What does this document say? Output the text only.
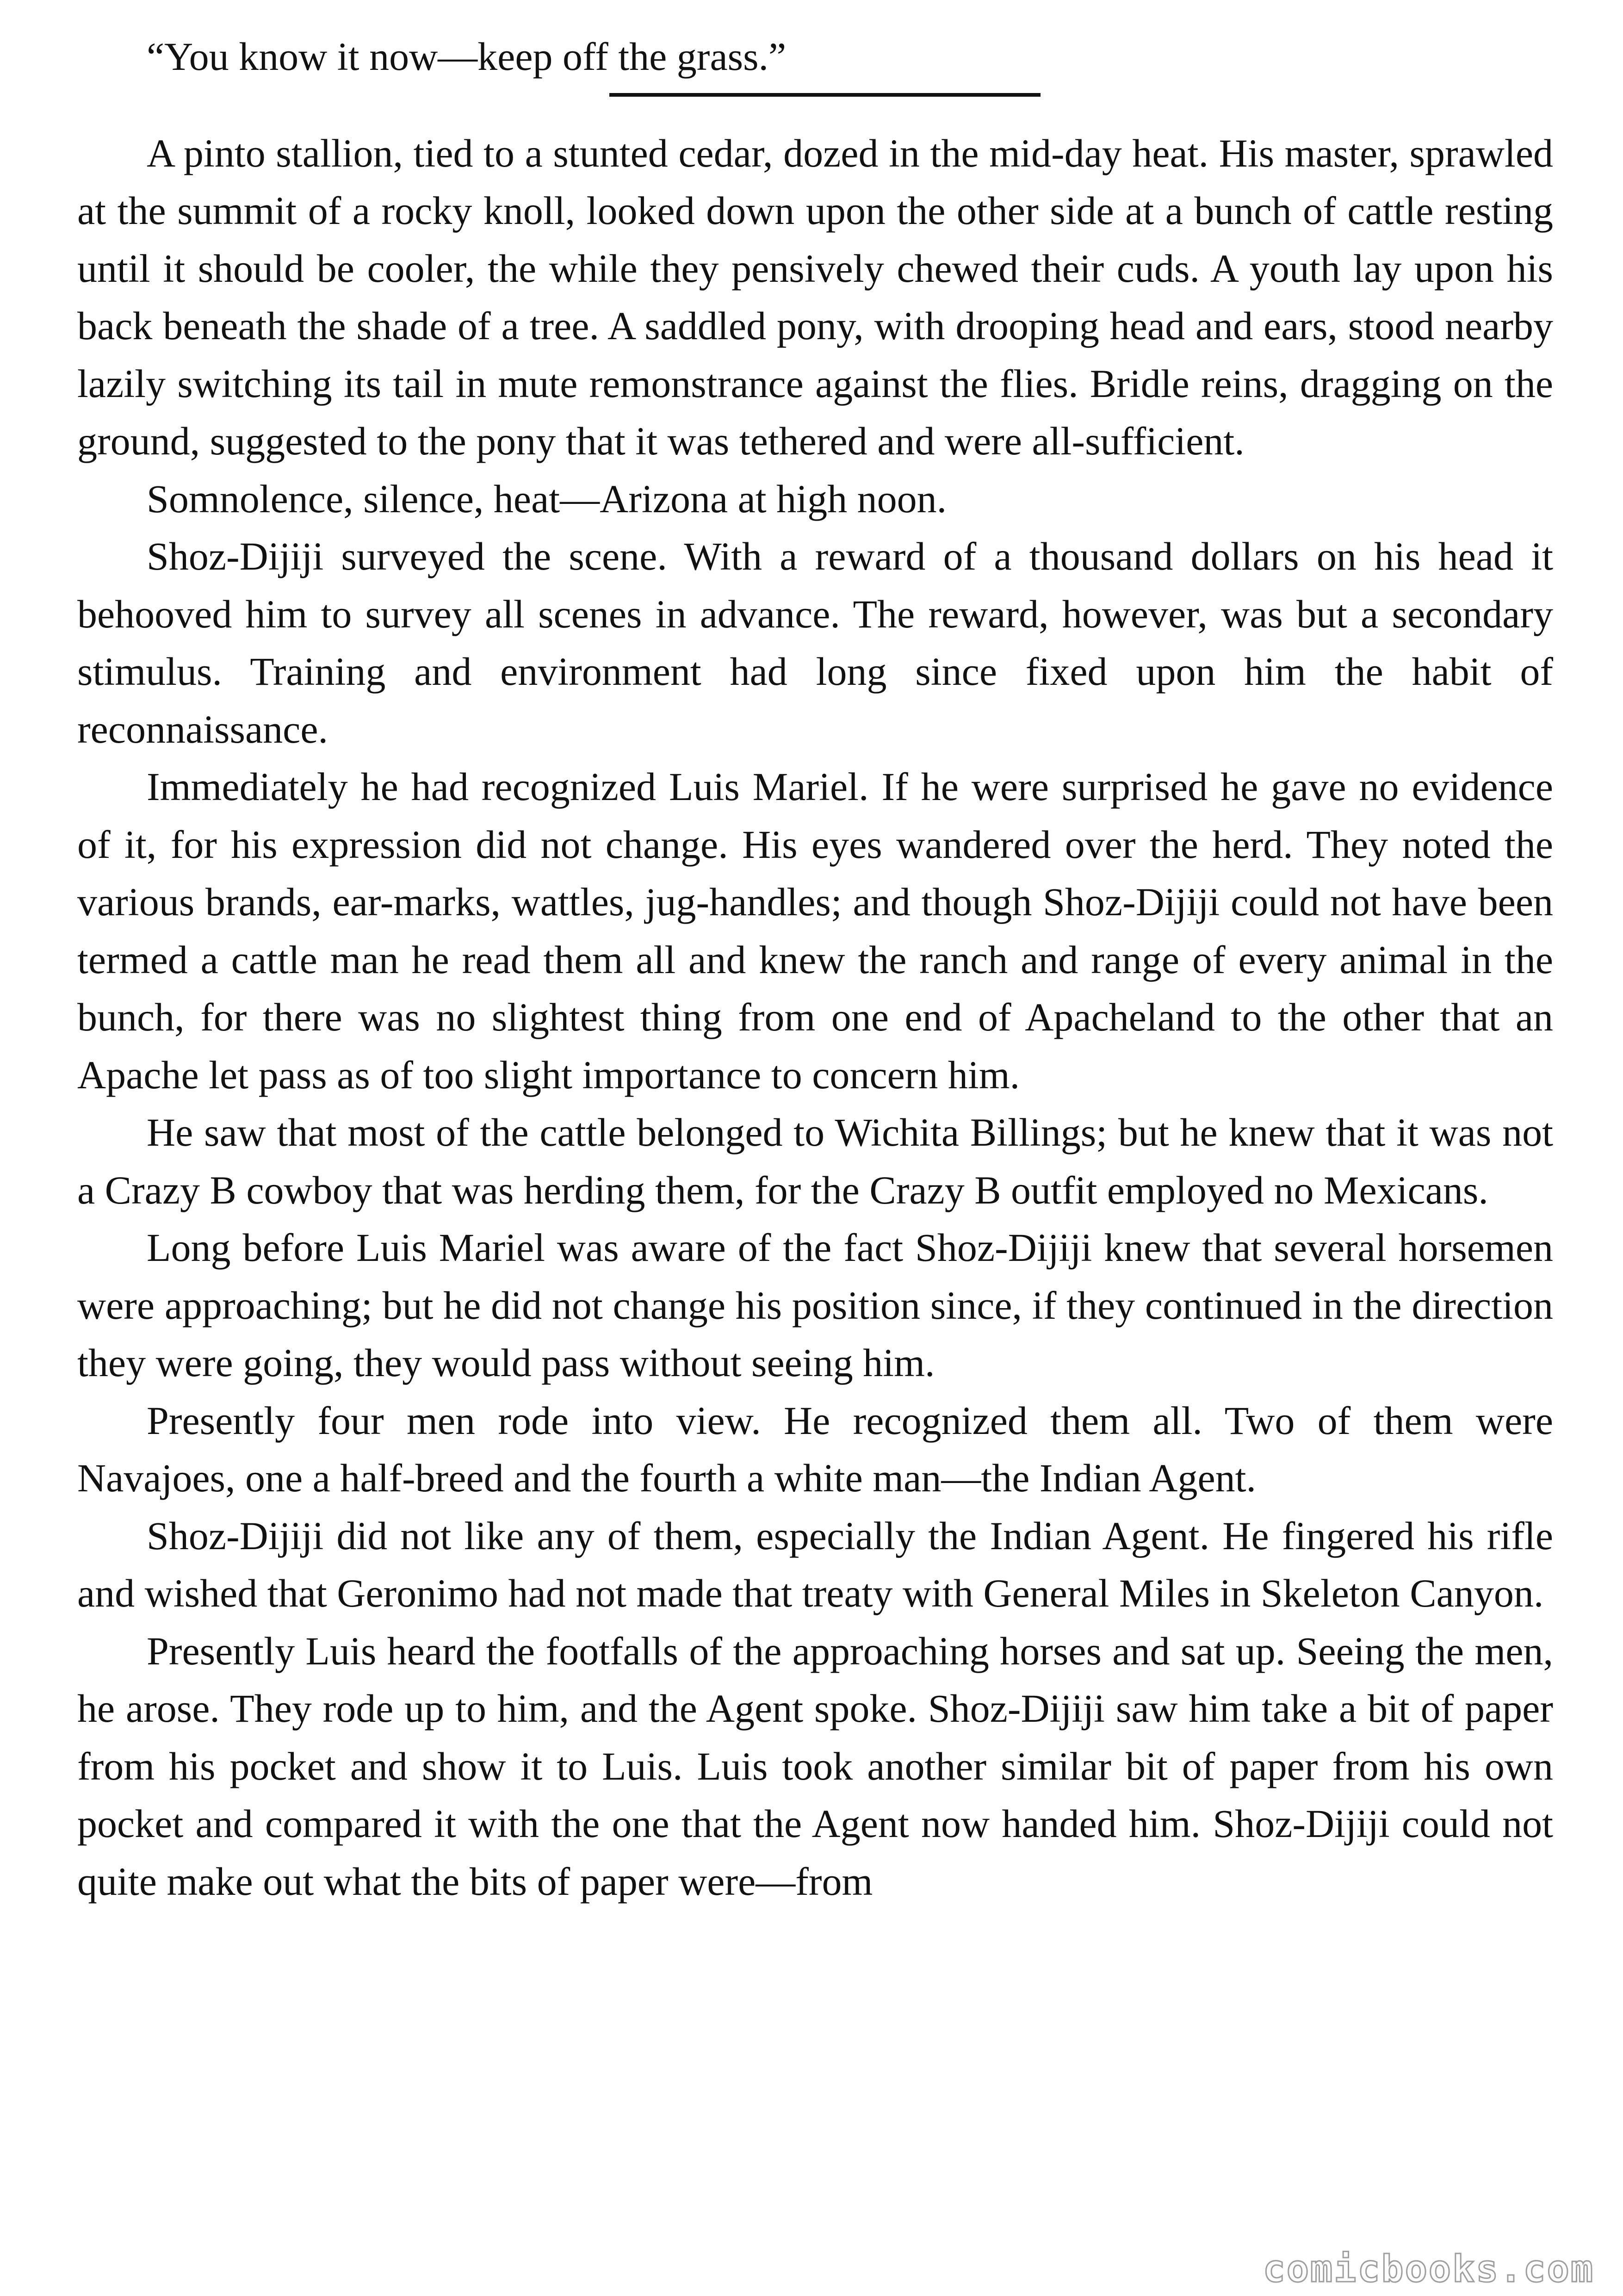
“You know it now—keep off the grass.”

A pinto stallion, tied to a stunted cedar, dozed in the mid-day heat. His master, sprawled at the summit of a rocky knoll, looked down upon the other side at a bunch of cattle resting until it should be cooler, the while they pensively chewed their cuds. A youth lay upon his back beneath the shade of a tree. A saddled pony, with drooping head and ears, stood nearby lazily switching its tail in mute remonstrance against the flies. Bridle reins, dragging on the ground, suggested to the pony that it was tethered and were all-sufficient.

Somnolence, silence, heat—Arizona at high noon.

Shoz-Dijiji surveyed the scene. With a reward of a thousand dollars on his head it behooved him to survey all scenes in advance. The reward, however, was but a secondary stimulus. Training and environment had long since fixed upon him the habit of reconnaissance.

Immediately he had recognized Luis Mariel. If he were surprised he gave no evidence of it, for his expression did not change. His eyes wandered over the herd. They noted the various brands, ear-marks, wattles, jug-handles; and though Shoz-Dijiji could not have been termed a cattle man he read them all and knew the ranch and range of every animal in the bunch, for there was no slightest thing from one end of Apacheland to the other that an Apache let pass as of too slight importance to concern him.

He saw that most of the cattle belonged to Wichita Billings; but he knew that it was not a Crazy B cowboy that was herding them, for the Crazy B outfit employed no Mexicans.

Long before Luis Mariel was aware of the fact Shoz-Dijiji knew that several horsemen were approaching; but he did not change his position since, if they continued in the direction they were going, they would pass without seeing him.

Presently four men rode into view. He recognized them all. Two of them were Navajoes, one a half-breed and the fourth a white man—the Indian Agent.

Shoz-Dijiji did not like any of them, especially the Indian Agent. He fingered his rifle and wished that Geronimo had not made that treaty with General Miles in Skeleton Canyon.

Presently Luis heard the footfalls of the approaching horses and sat up. Seeing the men, he arose. They rode up to him, and the Agent spoke. Shoz-Dijiji saw him take a bit of paper from his pocket and show it to Luis. Luis took another similar bit of paper from his own pocket and compared it with the one that the Agent now handed him. Shoz-Dijiji could not quite make out what the bits of paper were—from

comicbooks.com
